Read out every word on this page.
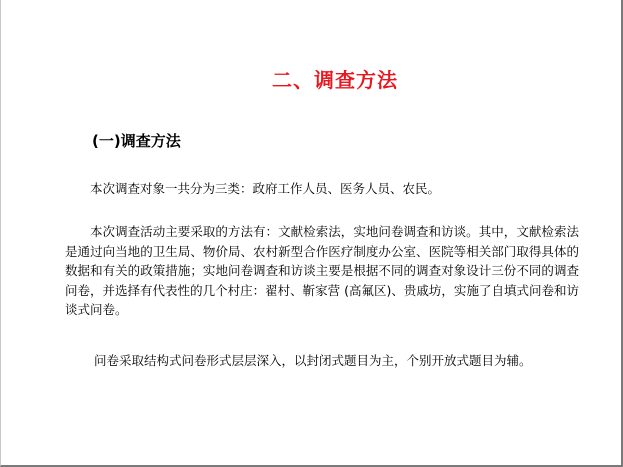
二、调查方法
(一)调查方法

本次调查对象一共分为三类：政府工作人员、医务人员、农民。

本次调查活动主要采取的方法有：文献检索法，实地问卷调查和访谈。其中，文献检索法是通过向当地的卫生局、物价局、农村新型合作医疗制度办公室、医院等相关部门取得具体的数据和有关的政策措施；实地问卷调查和访谈主要是根据不同的调查对象设计三份不同的调查问卷，并选择有代表性的几个村庄：翟村、靳家营 (高氟区)、贵戚坊，实施了自填式问卷和访谈式问卷。

问卷采取结构式问卷形式层层深入，以封闭式题目为主，个别开放式题目为辅。
